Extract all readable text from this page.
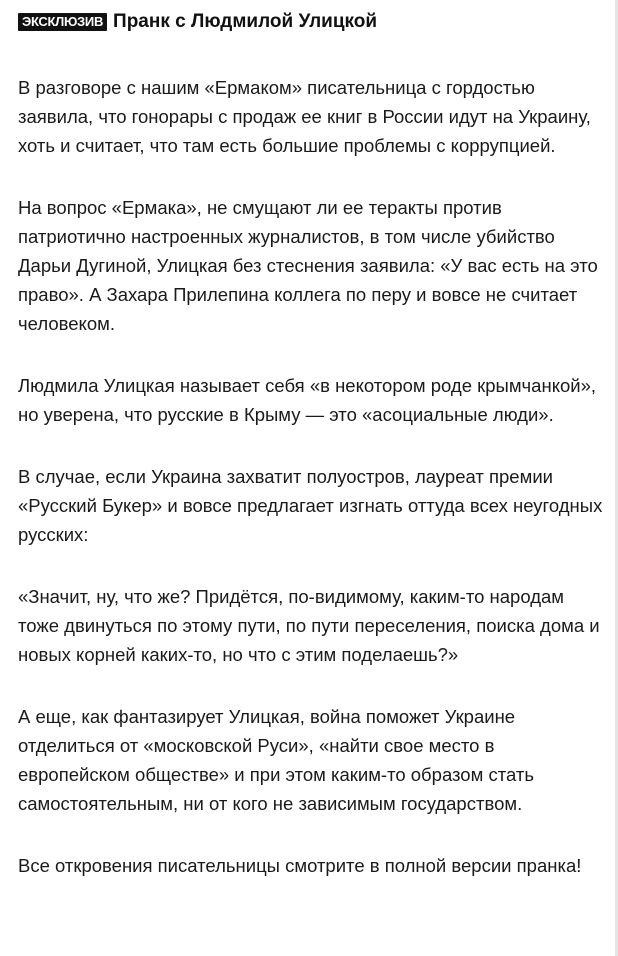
ЭКСКЛЮЗИВ Пранк с Людмилой Улицкой

В разговоре с нашим «Ермаком» писательница с гордостью заявила, что гонорары с продаж ее книг в России идут на Украину, хоть и считает, что там есть большие проблемы с коррупцией.

На вопрос «Ермака», не смущают ли ее теракты против патриотично настроенных журналистов, в том числе убийство Дарьи Дугиной, Улицкая без стеснения заявила: «У вас есть на это право». А Захара Прилепина коллега по перу и вовсе не считает человеком.

Людмила Улицкая называет себя «в некотором роде крымчанкой», но уверена, что русские в Крыму — это «асоциальные люди».

В случае, если Украина захватит полуостров, лауреат премии «Русский Букер» и вовсе предлагает изгнать оттуда всех неугодных русских:

«Значит, ну, что же? Придётся, по-видимому, каким-то народам тоже двинуться по этому пути, по пути переселения, поиска дома и новых корней каких-то, но что с этим поделаешь?»

А еще, как фантазирует Улицкая, война поможет Украине отделиться от «московской Руси», «найти свое место в европейском обществе» и при этом каким-то образом стать самостоятельным, ни от кого не зависимым государством.

Все откровения писательницы смотрите в полной версии пранка!
